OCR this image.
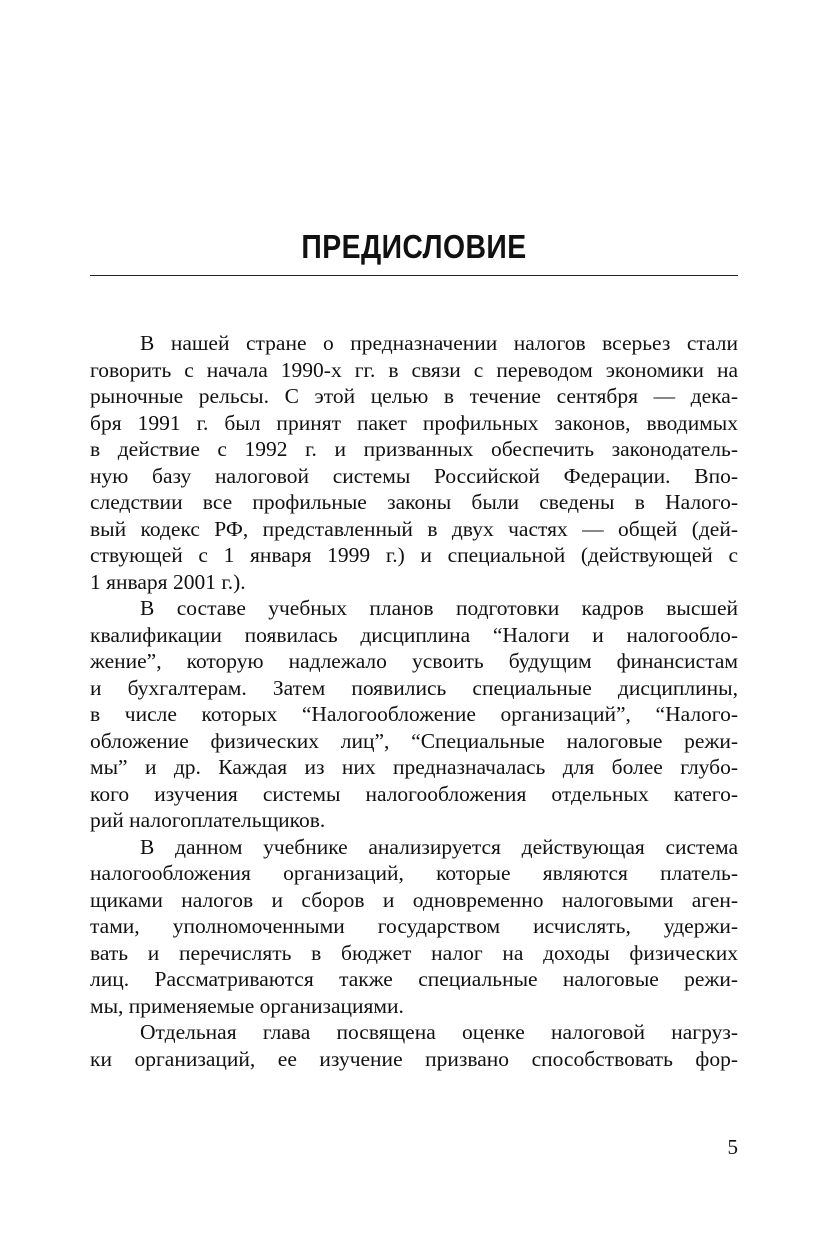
ПРЕДИСЛОВИЕ

В нашей стране о предназначении налогов всерьез стали
говорить с начала 1990-х гг. в связи с переводом экономики на
рыночные рельсы. С этой целью в течение сентября — дека-
бря 1991 г. был принят пакет профильных законов, вводимых
в действие с 1992 г. и призванных обеспечить законодатель-
ную базу налоговой системы Российской Федерации. Впо-
следствии все профильные законы были сведены в Налого-
вый кодекс РФ, представленный в двух частях — общей (дей-
ствующей с 1 января 1999 г.) и специальной (действующей с
1 января 2001 г.).

В составе учебных планов подготовки кадров высшей
квалификации появилась дисциплина “Налоги и налогообло-
жение”, которую надлежало усвоить будущим финансистам
и бухгалтерам. Затем появились специальные дисциплины,
в числе которых “Налогообложение организаций”, “Налого-
обложение физических лиц”, “Специальные налоговые режи-
мы” и др. Каждая из них предназначалась для более глубо-
кого изучения системы налогообложения отдельных катего-
рий налогоплательщиков.

В данном учебнике анализируется действующая система
налогообложения организаций, которые являются платель-
щиками налогов и сборов и одновременно налоговыми аген-
тами, уполномоченными государством исчислять, удержи-
вать и перечислять в бюджет налог на доходы физических
лиц. Рассматриваются также специальные налоговые режи-
мы, применяемые организациями.

Отдельная глава посвящена оценке налоговой нагруз-
ки организаций, ее изучение призвано способствовать фор-

5
